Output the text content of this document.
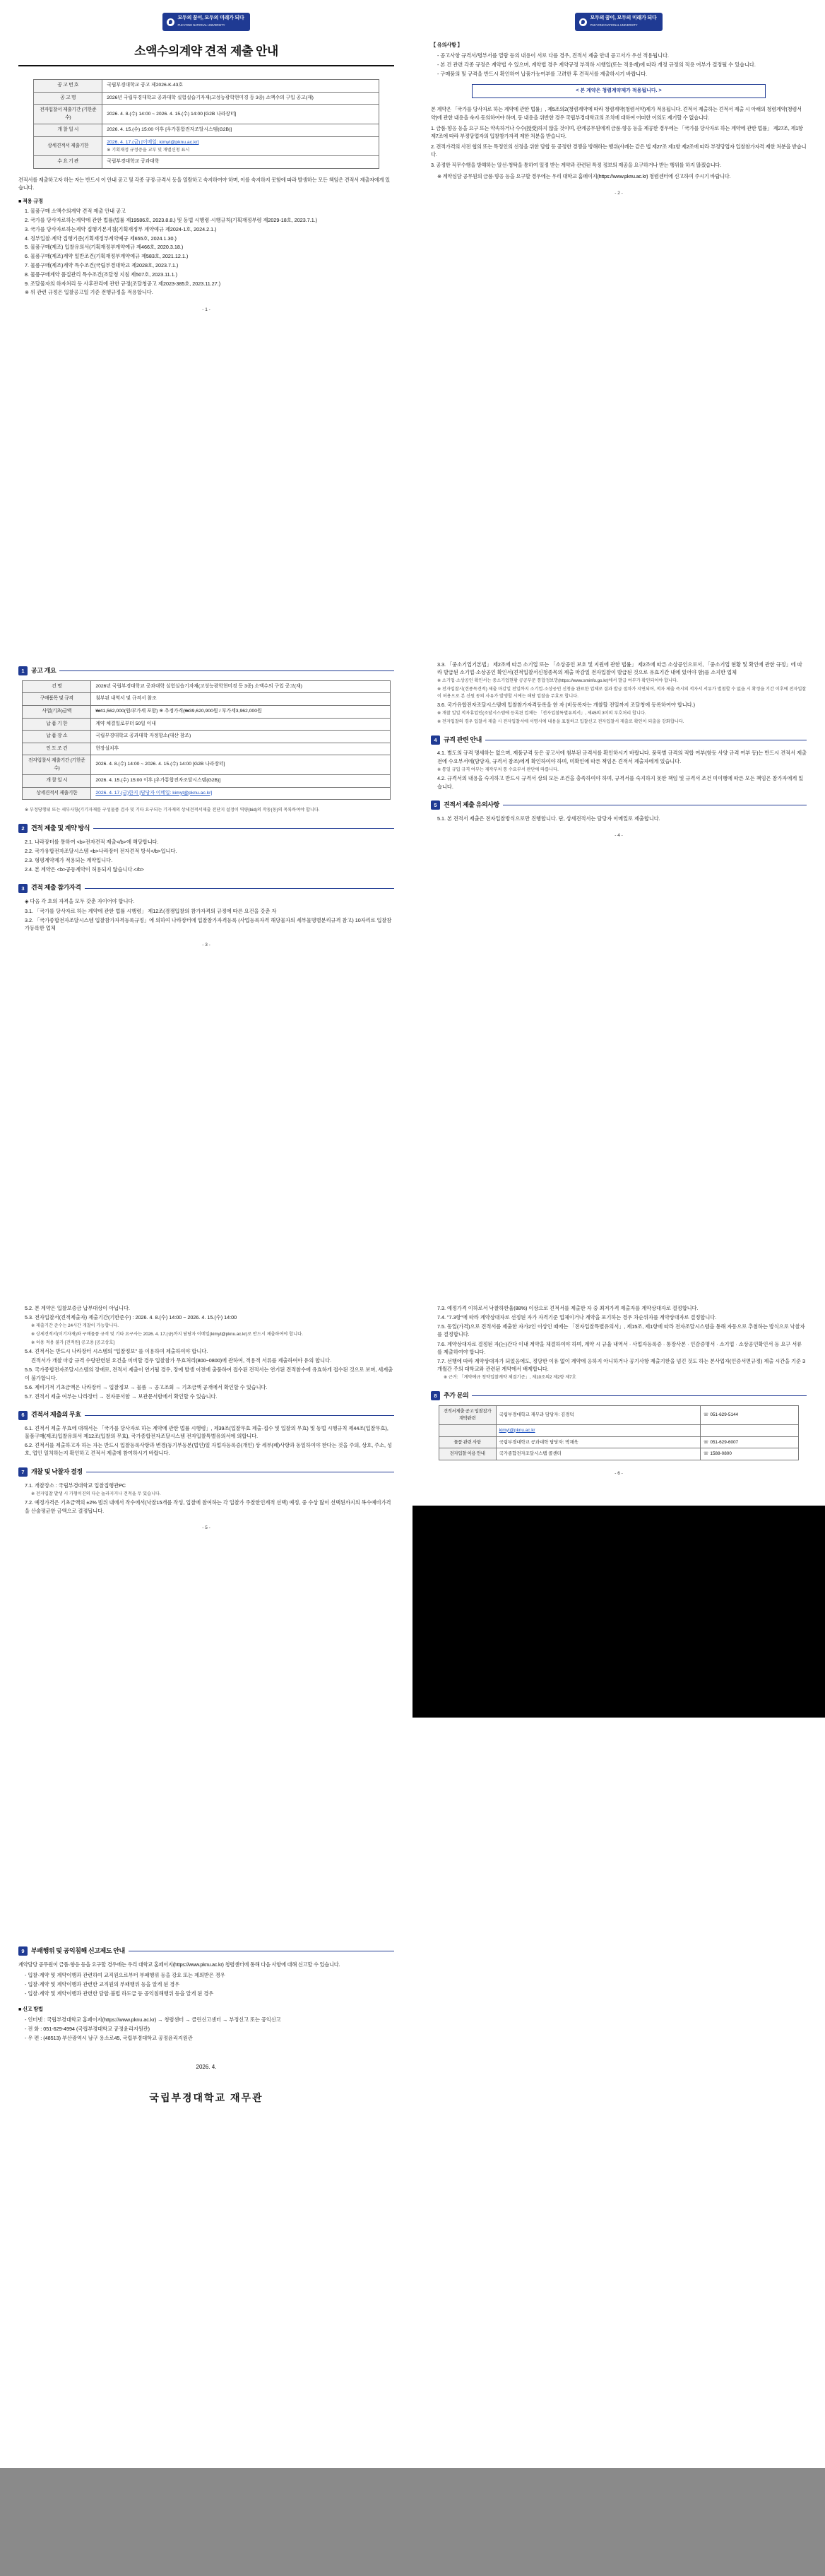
모두의 꿈이, 모두의 미래가 되다
PUKYONG NATIONAL UNIVERSITY
소액수의계약 견적 제출 안내
공 고 번 호	국립부경대학교 공고 제2026-K-43호
공 고 명	2026년 국립부경대학교 공과대학 실험실습기자재(고성능광학현미경 등 3종) 소액수의 구입 공고(재)
전자입찰서 제출기간 (기한준수)	2026. 4. 8.(수) 14:00 ~ 2026. 4. 15.(수) 14:00 [G2B 나라장터]
개 찰 일 시	2026. 4. 15.(수) 15:00 이후 [우가통합전자조달시스템(G2B)]
상세견적서 제출기한	2026. 4. 17.(금) [이메일: kimyt@pknu.ac.kr]
※ 기획재정 규정증을 교부 및 개별신청 표시

수 요 기 관	국립부경대학교 공과대학
견적서를 제출하고자 하는 자는 반드시 이 안내 공고 및 각종 규정·규격서 등을 열람하고 숙지하여야 하며, 이를 숙지하지 못함에 따라 발생하는 모든 책임은 견적서 제출자에게 있습니다.
■ 적용 규정
1. 물품구매 소액수의계약 견적 제출 안내 공고
2. 국가를 당사자로하는계약에 관한 법률(법률 제19586호, 2023.8.8.) 및 동법 시행령·시행규칙(기획재정부령 제2029-18호, 2023.7.1.)
3. 국가를 당사자로하는계약 집행기본지침(기획재정부 계약예규 제2024-1호, 2024.2.1.)
4. 정부입찰·계약 집행기준(기획재정부계약예규 제655호, 2024.1.30.)
5. 물품구매(제조) 입찰유의서(기획재정부계약예규 제466호, 2020.3.18.)
6. 물품구매(제조)계약 일반조건(기획재정부계약예규 제583호, 2021.12.1.)
7. 물품구매(제조)계약 특수조건(국립부경대학교 제2028호, 2023.7.1.)
8. 물품구매계약 품질관리 특수조건(조달청 지침 제507호, 2023.11.1.)
9. 조달물자의 하자처리 등 사후관리에 관한 규정(조달청공고 제2023-385호, 2023.11.27.)
※ 위 관련 규정은 입찰공고일 기준 전행규정을 적용합니다.
- 1 -
모두의 꿈이, 모두의 미래가 되다
PUKYONG NATIONAL UNIVERSITY
【 유의사항 】
- 공고사항 규격서/명부서를 열람 등의 내용이 서로 다를 경우, 견적서 제출 안내 공고서가 우선 적용됩니다.
- 본 건 관련 각종 규정은 계약법 수 있으며, 계약법 경우 계약규정 부적하 시행일(또는 적용례)에 따라 개정 규정의 적용 여부가 결정될 수 있습니다.
- 구매품의 및 규격을 반드시 확인하여 납품가능여부를 고려한 후 견적서를 제출하시기 바랍니다.
< 본 계약은 청렴계약제가 적용됩니다. >
본 계약은 「국가를 당사자로 하는 계약에 관한 법률」, 제5조의2(청렴계약에 따라 청렴계약(청렴서약)제가 적용됩니다. 견적서 제출하는 견적서 제출 시 아래의 청렴계약(청렴서약)에 관한 내용을 숙지·동의하여야 하며, 동 내용을 위반한 경우 국립부경대학교의 조치에 대하여 어떠한 이의도 제기할 수 없습니다.
1. 금품·향응 등을 요구 또는 약속하거나 수수(授受)하지 않을 것이며, 관계공무원에게 금품·향응 등을 제공한 경우에는 「국가를 당사자로 하는 계약에 관한 법률」 제27조, 제1항 제7조에 따라 부정당업자의 입찰참가자격 제한 처분을 받습니다.
2. 견적가격의 사전 협의 또는 특정인의 선정을 위한 담합 등 공정한 경쟁을 방해하는 행위(사례는 같은 법 제27조 제1항 제2조에 따라 부정당업자 입찰참가자격 제한 처분을 받습니다.
3. 공정한 직무수행을 방해하는 알선·청탁을 통하여 일정 받는 계약과 관련된 특정 정보의 제공을 요구하거나 받는 행위를 하지 않겠습니다.
※ 계약심담 공무원의 금품·향응 등을 요구할 경우에는 우리 대학교 홈페이지(https://www.pknu.ac.kr) 청렴센터에 신고하여 주시기 바랍니다.
- 2 -
1	공고 개요
건 명	2026년 국립부경대학교 공과대학 실험실습기자재(고성능광학현미경 등 3종) 소액수의 구입 공고(재)
구매품목 및 규격	첨부된 내역서 및 규격서 참조
사업(기초)금액	₩41,562,000(원/부가세 포함) ※ 추정가격(₩39,620,900원 / 부가세3,962,000원
납 품 기 한	계약 체결일로부터 50일 이내
납 품 장 소	국립부경대학교 공과대학 자정항소(대산 참조)
인 도 조 건	현장설치후
전자입찰서 제출기간 (기한준수)	2026. 4. 8.(수) 14:00 ~ 2026. 4. 15.(수) 14:00 [G2B 나라장터]
개 찰 일 시	2026. 4. 15.(수) 15:00 이후 [우가통합전자조달시스템(G2B)]
상세견적서 제출기한	2026. 4. 17.(금)한지 [담당자 이메일: kimyt@pknu.ac.kr]
※ 부정당행위 또는 세부사항(기기자재를 구성물품 검사 및 기타 요구되는 기자재의 상세견적서제출 전단지 설정이 역량(bid)의 작동(동)의 목록하여야 합니다.
2	견적 제출 및 계약 방식
2.1. 나라장터를 통하여 <b>전자견적 제출</b>에 해당합니다.
2.2. 국가유합전자조달시스템 <b>나라장터 전자견적 방식</b>입니다.
2.3. 형평계약제가 적용되는 계약입니다.
2.4. 본 계약은 <b>공동계약이 허용되지 않습니다.</b>
3	견적 제출 참가자격
◈ 다음 각 호의 자격을 모두 갖춘 자이어야 합니다.
3.1. 「국가를 당사자로 하는 계약에 관한 법률 시행령」 제12조(경쟁입찰의 참가자격의 규정에 따른 요건을 갖춘 자
3.2. 「국가종합전자조달시스템 입찰참가자격등록규정」에 의하여 나라장터에 입찰참가자격등록 (사업등록자격 해당물자의 세부물명별분리규격 참고) 10자리로 입찰참가등록한 업체
- 3 -
3.3. 「중소기업기본법」 제2조에 따른 소기업 또는 「소상공인 보호 및 지원에 관한 법률」 제2조에 따른 소상공인으로서, 「중소기업 현황 및 확인에 관한 규정」에 따라 발급된 소기업·소상공인 확인서(견적입찰서신청종목의 제출 마감일 전자입찰이 발급된 것으로 유효기간 내에 있어야 함)를 소지한 업체
※ 소기업·소상공인 확인서는 중소기업현황 공공부문 통합정보망(https://www.sminfo.go.kr)에서 발급 여부가 확인되어야 합니다.
※ 전자입찰시(견종목견적) 제출 마감일 전일까지 소기업·소상공인 신청을 완료한 업체로 결과 발급 절차가 지연되어, 적자 제출 즉시의 적자서 서류가 별첨할 수 없을 시 확정을 기간 이후에 전자입찰이 허용으로 본 신원 동의 사유가 발생할 시에는 해당 업찰을 무효로 합니다.
3.6. 국가유합전자조달시스템에 입찰참가자격등록을 한 자 (비등록자는 개찰할 전일까지 조달청에 등록하여야 합니다.)
※ 개찰 일일 적자휴업인(조달시스템에 등록된 업체는 「전자입찰특별유의서」, 제45의 3이의 부호처리 합니다.
※ 전자입찰의 경우 입찰서 제출 시 전자입찰서에 서명시에 내용을 표절하고 입찰신고 전자입찰서 제출로 확인이 되출을 강화합니다.
4	규격 관련 안내
4.1. 별도의 규격 명세하는 없으며, 제품규격 등은 공고서에 첨부된 규격서를 확인하시기 바랍니다. 품목별 규격의 적합 여부(항등 사양 규격 여부 등)는 반드시 견적서 제출 전에 수요부서에(담당자, 규격서 참조)에게 확인하여야 하며, 미확인에 따른 책임은 견적서 제출자에게 있습니다.
※ 통일 규입 규격 여부는 제작부처 통 수요부서 판단에 따릅니다.
4.2. 규격서의 내용을 숙지하고 반드시 규격서 상의 모든 조건을 충족하여야 하며, 규격서를 숙지하지 못한 책임 및 규격서 조건 미이행에 따른 모든 책임은 참가자에게 있습니다.
5	견적서 제출 유의사항
5.1. 본 견적서 제출은 전자입찰방식으로만 진행합니다. 단, 상세견적서는 담당자 이메일로 제출합니다.
- 4 -
5.2. 본 계약은 입찰보증금 납부대상이 아닙니다.
5.3. 전자입찰서(견적제출자) 제출기간(기한준수) : 2026. 4. 8.(수) 14:00 ~ 2026. 4. 15.(수) 14:00
※ 제출기간 준수는 24시간 개찰이 가능합니다.
※ 상세견적서(이기자재)와 구매물품 규격 및 기타 요구사는 2026. 4. 17.(금)까지 담당자 이메일(kimyt@pknu.ac.kr)로 반드시 제출하여야 합니다.
※ 허용 적용 불가 [견적원] 공고용 [공고상호]
5.4. 견적서는 반드시 나라장터 시스템의 "입찰정보" 를 이용하여 제출하여야 합니다.
견적서가 개찰 마감 규격 수량관련된 요건을 미비할 경우 입찰참가 무효처리(800~0800)에 관하여, 적용적 서류를 제출하여야 유의 합니다.
5.5. 국가종합전자조달시스템의 장애로, 견적서 제출이 연기될 경우, 장애 발생 이전에 출품하여 접수된 견적서는 연기된 견적참수에 유효하게 접수된 것으로 보며, 세계출이 불가합니다.
5.6. 제비기적 기초금액은 나라장터 → 입찰정보 → 물품 → 공고조회 → 기초금액 공개에서 확인할 수 있습니다.
5.7. 견적서 제출 여부는 나라장터 → 전자문서함 → 보관문서함에서 확인할 수 있습니다.
6	견적서 제출의 무효
6.1. 견적서 제출 무효에 대해서는 「국가를 당사자로 하는 계약에 관한 법률 시행령」, 제39조(입찰무효 제출·접수 및 입찰의 무효) 및 동법 시행규칙 제44조(입찰무효), 물품구매(제조)입찰유의서 제12조(입찰의 무효), 국가종합전자조달시스템 전자입찰특별유의서에 의합니다.
6.2. 견적서를 제출하고자 하는 자는 반드시 입찰등록사항과 변경(등기부등본(법인)일 자업자등록증(개인) 상 세부(폐)사항과 동일하여야 한다는 것을 주의, 상호, 주소, 성호, 업인 일치하는지 확인하고 견적서 제출에 참여하시기 바랍니다.
7	개찰 및 낙찰자 결정
7.1. 개찰장소 : 국립부경대학교 입찰집행관PC
※ 전자입찰 발생 시 가형이진의 다순 놀라지거나 견적을 무 있습니다.
7.2. 예정가격은 기초금액의 ±2% 범위 내에서 작수에서(낙찰15개를 작성, 입찰에 참여하는 각 입찰가 주찰한인계적 선택) 예정, 중 수상 많이 선택된까지의 복수예비가격을 산술평균한 금액으로 결정됩니다.
- 5 -
7.3. 예정가격 이하로서 낙찰하한율(88%) 이상으로 견적서를 제출한 자 중 최저가격 제출자를 계약상대자로 결정합니다.
7.4. "7.3항"에 따라 계약상대자로 선정된 자가 자격기준 업체이거나 계약을 포기하는 경우 차순위자를 계약상대자로 결정합니다.
7.5. 동일(가격)으로 견적서를 제출한 자가2인 이상인 때에는 「전자입찰특별유의서」, 제15조, 제1항에 따라 전자조달시스템을 통해 자동으로 추첨하는 방식으로 낙찰자를 결정합니다.
7.6. 계약상대자로 결정된 자(는)간다 이내 계약을 체결하여야 하며, 계약 시 규율 내역서 · 사업자등록증 · 통장사본 · 인감증명서 · 소기업 · 소상공인확인서 등 요구 서류를 제출하여야 합니다.
7.7. 선행에 따라 계약상대자가 되었음에도, 정당한 이유 없이 계약에 응하지 아니하거나 공기사항 제출기한을 넘긴 것도 하는 본사업자(인증서면규정) 제출 시간을 기준 3개월간 주의 대학교와 관련된 계약에서 배제합니다.
※ 근거: 「계약예규 청약입찰계약 체결기준」, 제10조의2 제2항 제7호
8	추가 문의
견적서제출 공고 입찰참가 계약관련	국립부경대학교 재무과 담당자: 김경덕	☏ 051-629-5144
	kimyt@pknu.ac.kr	
물품 관련 사항	국립부경대학교 공과대학 담당자: 박채욱	☏ 051-629-6007
전자입찰 이용 안내	국가종합전자조달시스템 콜센터	☏ 1588-0800
- 6 -
9	부패행위 및 공익침해 신고제도 안내
계약담당 공무원이 금품·향응 등을 요구할 경우에는 우리 대학교 홈페이지(https://www.pknu.ac.kr) 청렴센터에 통해 다음 사항에 대해 신고할 수 있습니다.
- 입찰·계약 및 계약이행과 관련하여 교직원으로부터 부패행위 등을 강요 또는 제의받은 경우
- 입찰·계약 및 계약이행과 관련한 교직원의 부패행위 등을 알게 된 경우
- 입찰·계약 및 계약이행과 관련한 담합·불법 하도급 등 공익침해행위 등을 알게 된 경우
■ 신고 방법
- 인터넷 : 국립부경대학교 홈페이지(https://www.pknu.ac.kr) → 청렴센터 → 클린신고센터 → 부정신고 또는 공익신고
- 전 화 : 051-629-4994 (국립부경대학교 공정윤리지원관)
- 우 편 : (48513) 부산광역시 남구 용소로45, 국립부경대학교 공정윤리지원관
2026. 4.
국립부경대학교 재무관
